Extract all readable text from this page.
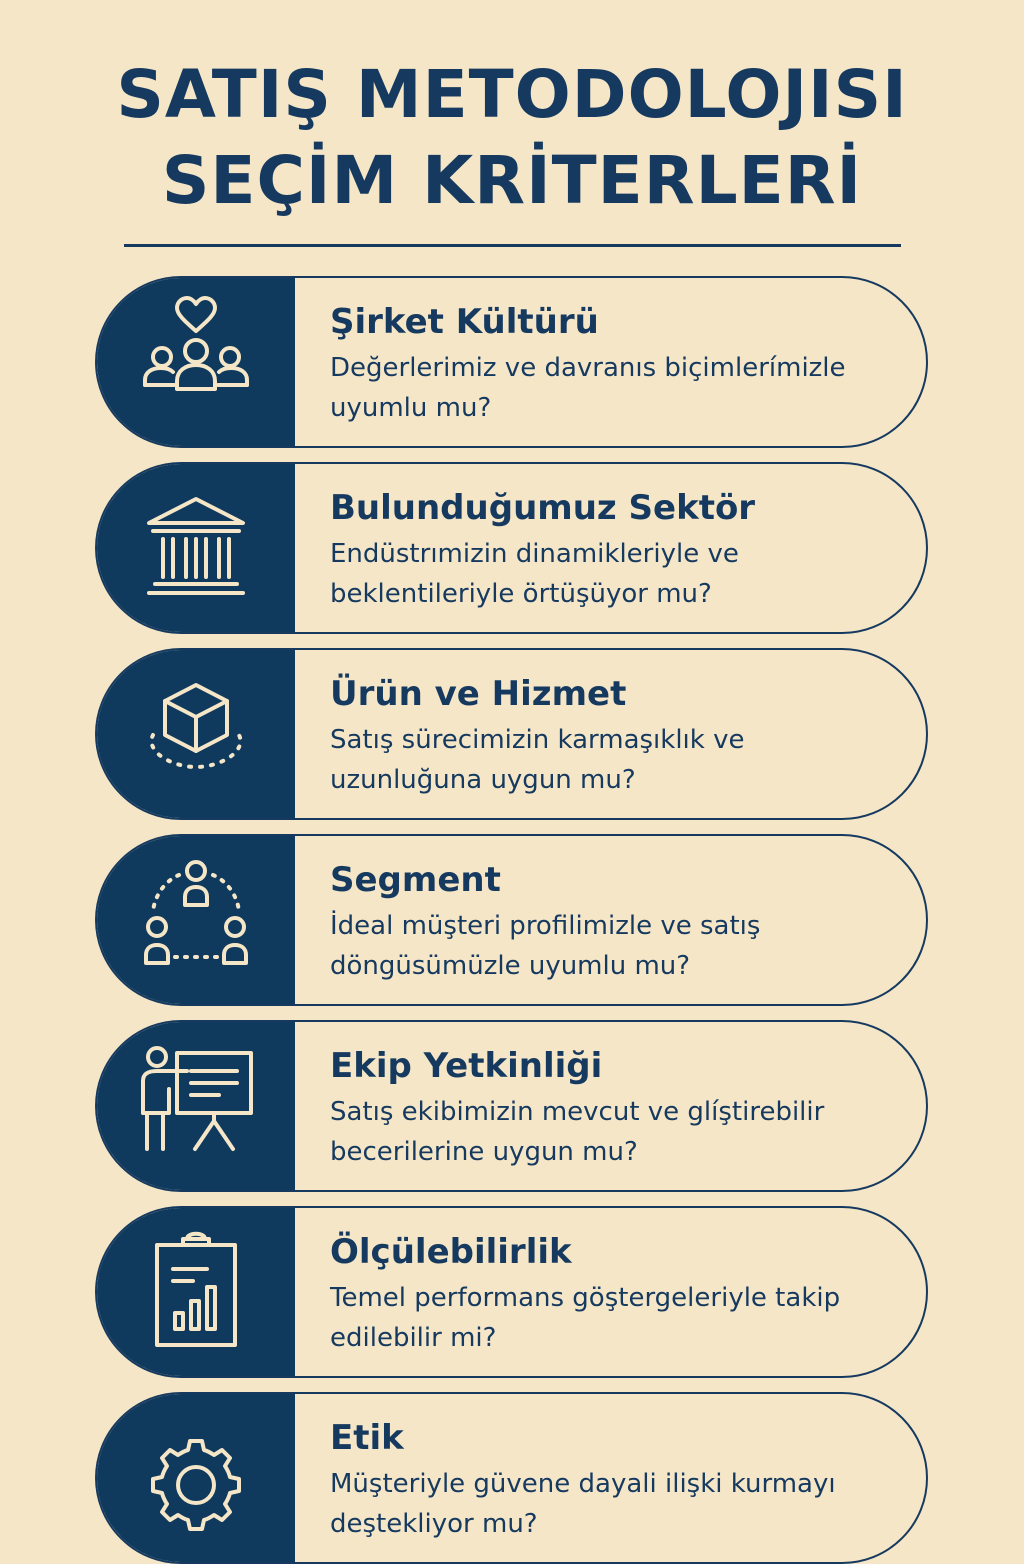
SATIŞ METODOLOJISI
SEÇİM KRİTERLERİ
Şirket Kültürü
Değerlerimiz ve davranıs biçimlerímizle uyumlu mu?
Bulunduğumuz Sektör
Endüstrımizin dinamikleriyle ve beklentileriyle örtüşüyor mu?
Ürün ve Hizmet
Satış sürecimizin karmaşıklık ve uzunluğuna uygun mu?
Segment
İdeal müşteri profilimizle ve satış döngüsümüzle uyumlu mu?
Ekip Yetkinliği
Satış ekibimizin mevcut ve glíştirebilir becerilerine uygun mu?
Ölçülebilirlik
Temel performans göştergeleriyle takip edilebilir mi?
Etik
Müşteriyle güvene dayali ilişki kurmayı deştekliyor mu?
